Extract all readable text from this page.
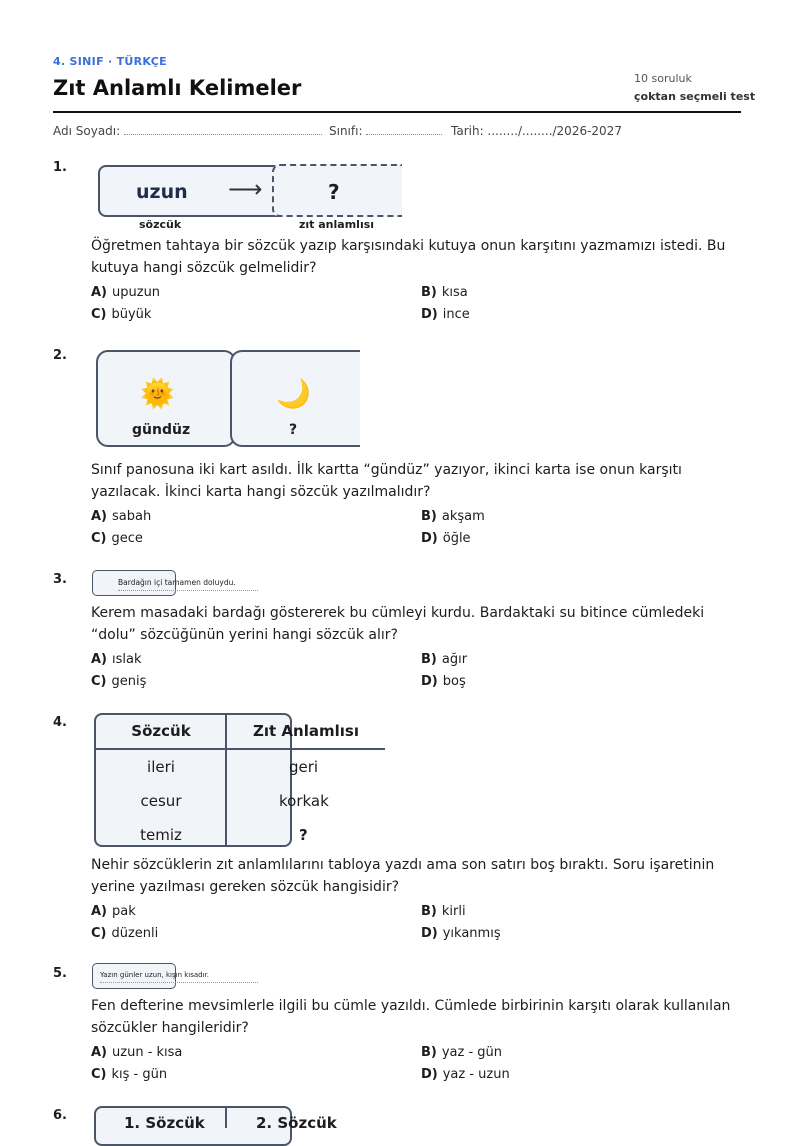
4. SINIF · TÜRKÇE
Zıt Anlamlı Kelimeler	10 soruluk
çoktan seçmeli test
Adı Soyadı:	Sınıfı:	Tarih: ......../......../2026-2027
1.
uzun ⟶	?
sözcük	zıt anlamlısı
Öğretmen tahtaya bir sözcük yazıp karşısındaki kutuya onun karşıtını yazmamızı istedi. Bu kutuya hangi sözcük gelmelidir?
A) upuzun	B) kısa
C) büyük	D) ince
2.
🌞
gündüz
🌙
?
Sınıf panosuna iki kart asıldı. İlk kartta “gündüz” yazıyor, ikinci karta ise onun karşıtı yazılacak. İkinci karta hangi sözcük yazılmalıdır?
A) sabah	B) akşam
C) gece	D) öğle
3.	Bardağın içi tamamen doluydu.
Kerem masadaki bardağı göstererek bu cümleyi kurdu. Bardaktaki su bitince cümledeki “dolu” sözcüğünün yerini hangi sözcük alır?
A) ıslak	B) ağır
C) geniş	D) boş
4.	Sözcük	Zıt Anlamlısı
ileri	geri
cesur	korkak
temiz	?
Nehir sözcüklerin zıt anlamlılarını tabloya yazdı ama son satırı boş bıraktı. Soru işaretinin yerine yazılması gereken sözcük hangisidir?
A) pak	B) kirli
C) düzenli	D) yıkanmış
5.	Yazın günler uzun, kışın kısadır.
Fen defterine mevsimlerle ilgili bu cümle yazıldı. Cümlede birbirinin karşıtı olarak kullanılan sözcükler hangileridir?
A) uzun - kısa	B) yaz - gün
C) kış - gün	D) yaz - uzun
6.	1. Sözcük	2. Sözcük
